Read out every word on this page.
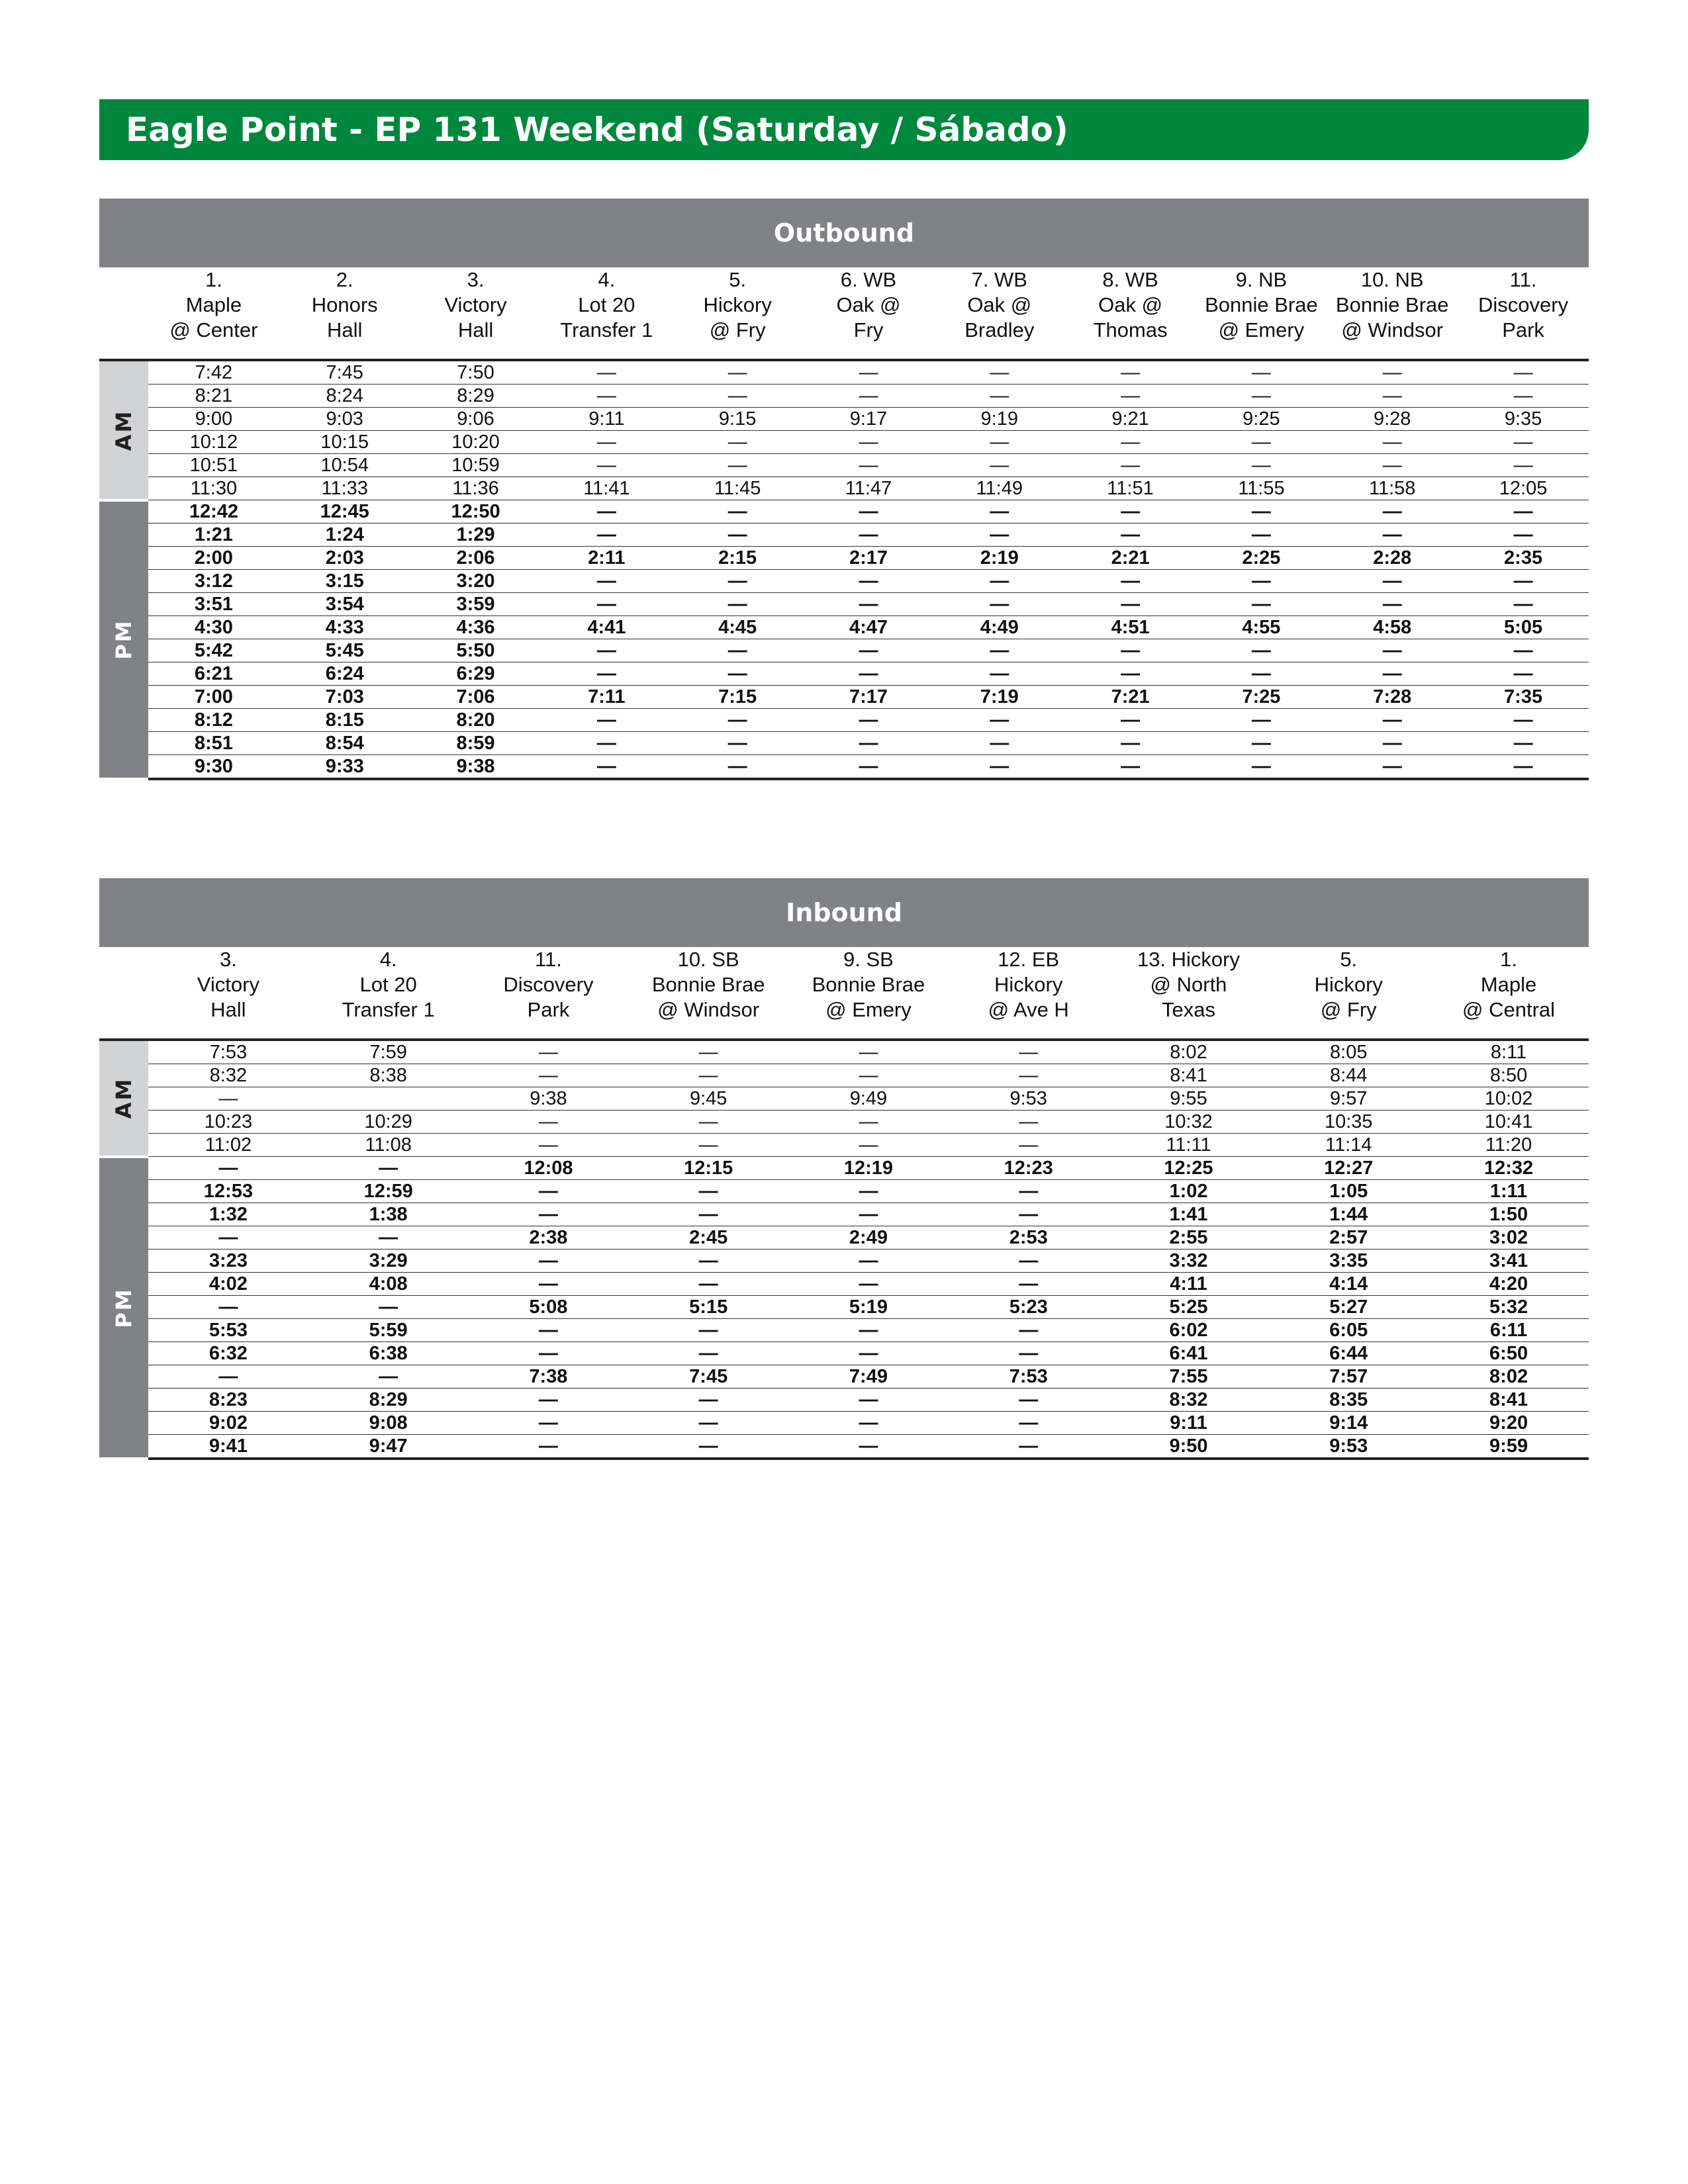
Eagle Point - EP 131 Weekend (Saturday / Sábado)
Outbound

	1.
Maple
@ Center	2.
Honors
Hall	3.
Victory
Hall	4.
Lot 20
Transfer 1	5.
Hickory
@ Fry	6. WB
Oak @
Fry	7. WB
Oak @
Bradley	8. WB
Oak @
Thomas	9. NB
Bonnie Brae
@ Emery	10. NB
Bonnie Brae
@ Windsor	11.
Discovery
Park

AM	7:42	7:45	7:50	—	—	—	—	—	—	—	—
	8:21	8:24	8:29	—	—	—	—	—	—	—	—
	9:00	9:03	9:06	9:11	9:15	9:17	9:19	9:21	9:25	9:28	9:35
	10:12	10:15	10:20	—	—	—	—	—	—	—	—
	10:51	10:54	10:59	—	—	—	—	—	—	—	—
	11:30	11:33	11:36	11:41	11:45	11:47	11:49	11:51	11:55	11:58	12:05

PM	12:42	12:45	12:50	—	—	—	—	—	—	—	—
	1:21	1:24	1:29	—	—	—	—	—	—	—	—
	2:00	2:03	2:06	2:11	2:15	2:17	2:19	2:21	2:25	2:28	2:35
	3:12	3:15	3:20	—	—	—	—	—	—	—	—
	3:51	3:54	3:59	—	—	—	—	—	—	—	—
	4:30	4:33	4:36	4:41	4:45	4:47	4:49	4:51	4:55	4:58	5:05
	5:42	5:45	5:50	—	—	—	—	—	—	—	—
	6:21	6:24	6:29	—	—	—	—	—	—	—	—
	7:00	7:03	7:06	7:11	7:15	7:17	7:19	7:21	7:25	7:28	7:35
	8:12	8:15	8:20	—	—	—	—	—	—	—	—
	8:51	8:54	8:59	—	—	—	—	—	—	—	—
	9:30	9:33	9:38	—	—	—	—	—	—	—	—
Inbound

	3.
Victory
Hall	4.
Lot 20
Transfer 1	11.
Discovery
Park	10. SB
Bonnie Brae
@ Windsor	9. SB
Bonnie Brae
@ Emery	12. EB
Hickory
@ Ave H	13. Hickory
@ North
Texas	5.
Hickory
@ Fry	1.
Maple
@ Central

AM	7:53	7:59	—	—	—	—	8:02	8:05	8:11
	8:32	8:38	—	—	—	—	8:41	8:44	8:50
	—		9:38	9:45	9:49	9:53	9:55	9:57	10:02
	10:23	10:29	—	—	—	—	10:32	10:35	10:41
	11:02	11:08	—	—	—	—	11:11	11:14	11:20

PM	—	—	12:08	12:15	12:19	12:23	12:25	12:27	12:32
	12:53	12:59	—	—	—	—	1:02	1:05	1:11
	1:32	1:38	—	—	—	—	1:41	1:44	1:50
	—	—	2:38	2:45	2:49	2:53	2:55	2:57	3:02
	3:23	3:29	—	—	—	—	3:32	3:35	3:41
	4:02	4:08	—	—	—	—	4:11	4:14	4:20
	—	—	5:08	5:15	5:19	5:23	5:25	5:27	5:32
	5:53	5:59	—	—	—	—	6:02	6:05	6:11
	6:32	6:38	—	—	—	—	6:41	6:44	6:50
	—	—	7:38	7:45	7:49	7:53	7:55	7:57	8:02
	8:23	8:29	—	—	—	—	8:32	8:35	8:41
	9:02	9:08	—	—	—	—	9:11	9:14	9:20
	9:41	9:47	—	—	—	—	9:50	9:53	9:59
